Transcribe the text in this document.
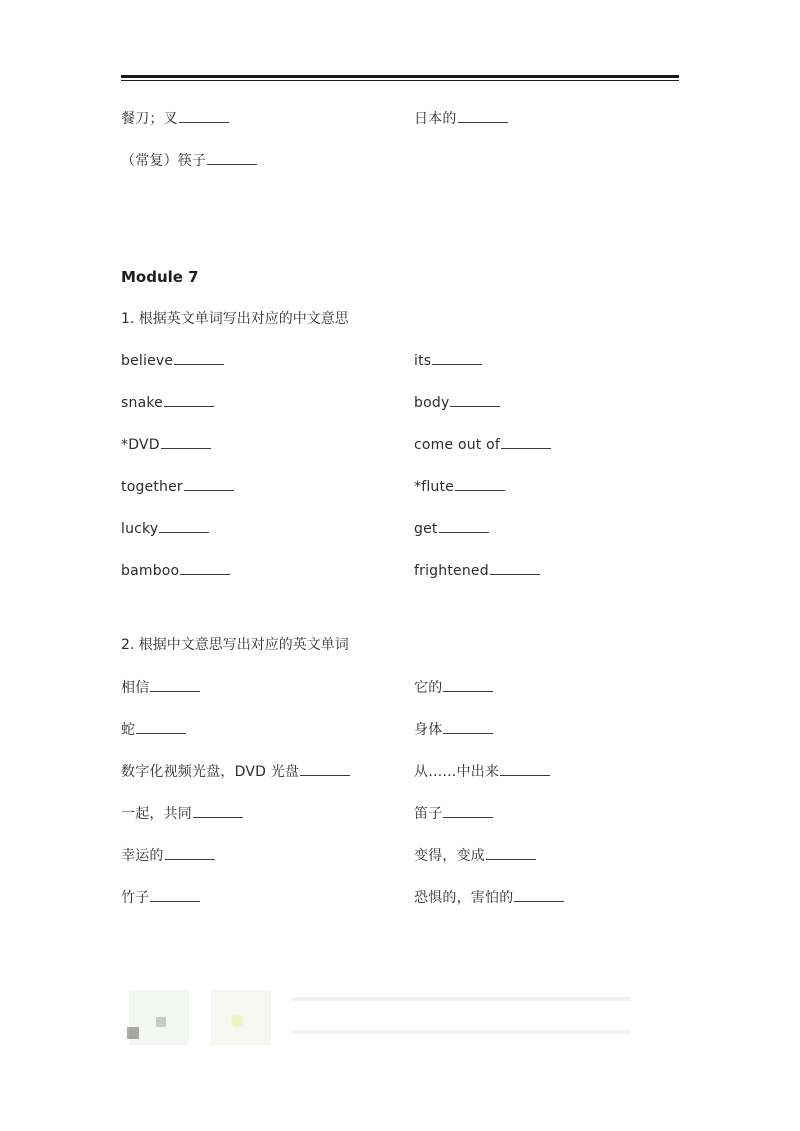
餐刀；叉	日本的
（常复）筷子
Module 7
1. 根据英文单词写出对应的中文意思
believe	its
snake	body
*DVD	come out of
together	*flute
lucky	get
bamboo	frightened
2. 根据中文意思写出对应的英文单词
相信	它的
蛇	身体
数字化视频光盘，DVD 光盘	从……中出来
一起，共同	笛子
幸运的	变得，变成
竹子	恐惧的，害怕的
